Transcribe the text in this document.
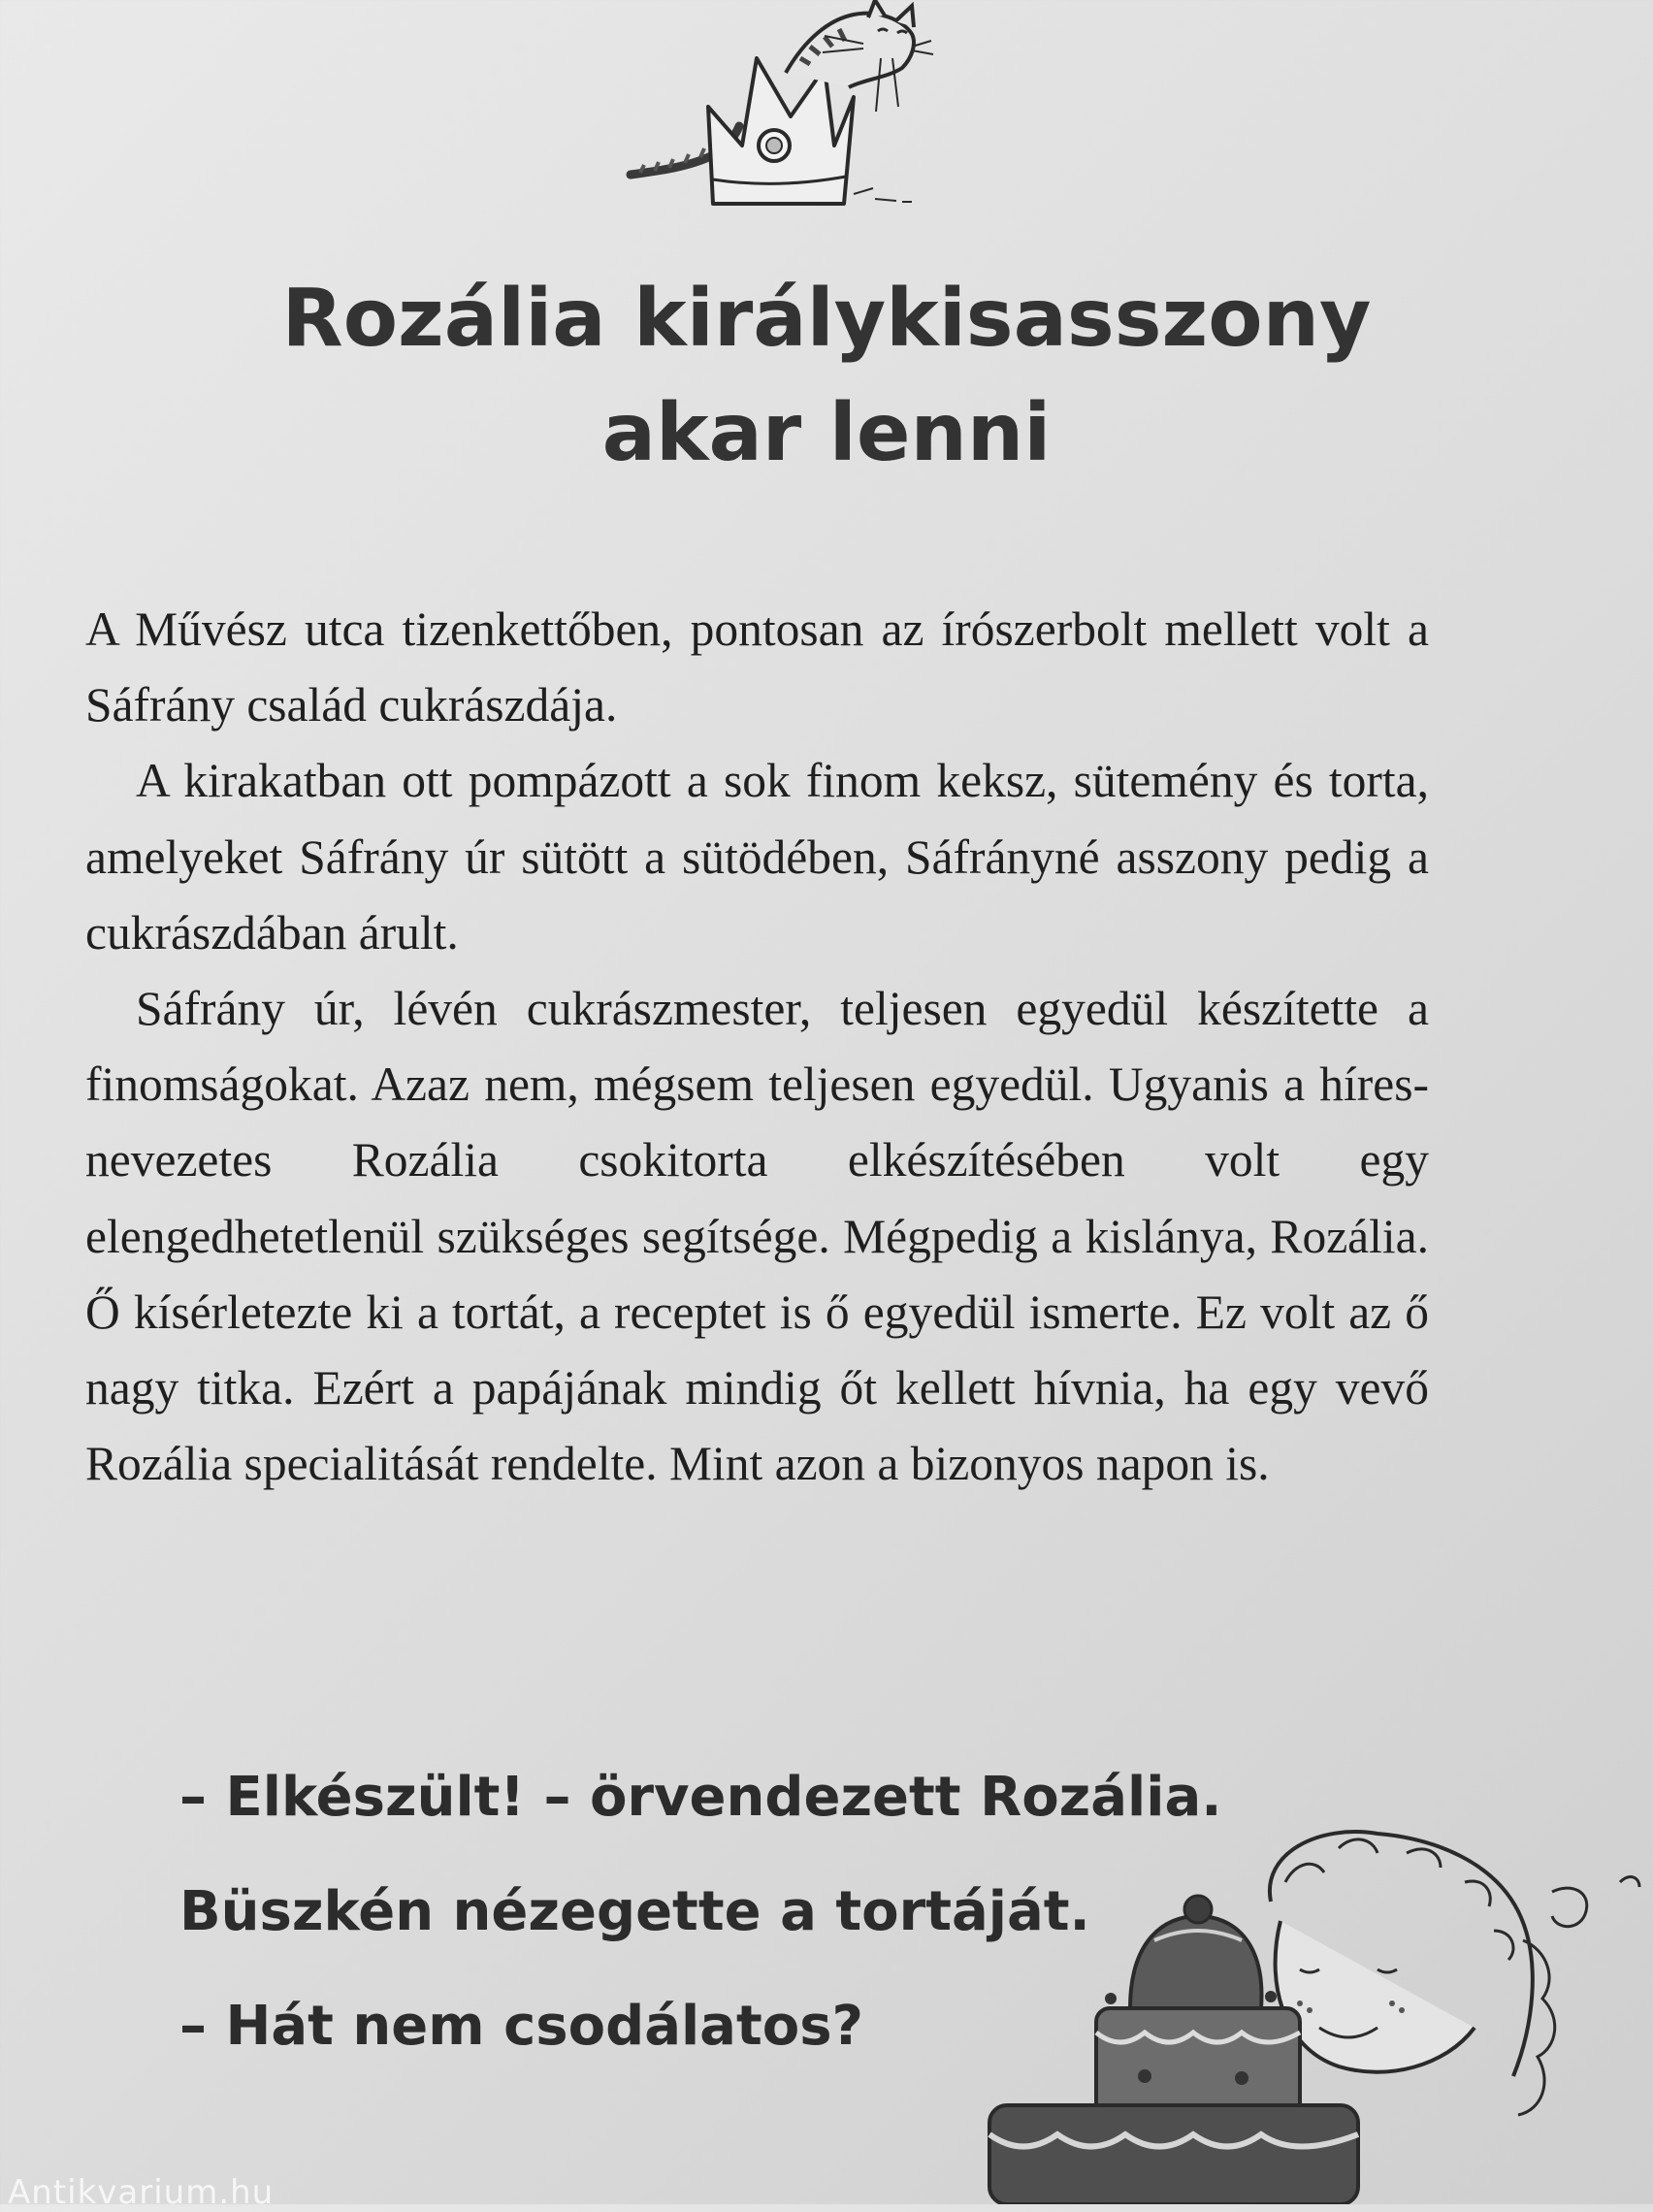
Rozália királykisasszony
akar lenni

A Művész utca tizenkettőben, pontosan az írószerbolt mellett volt a Sáfrány család cukrászdája.

A kirakatban ott pompázott a sok finom keksz, sütemény és torta, amelyeket Sáfrány úr sütött a sütödében, Sáfrányné asszony pedig a cukrászdában árult.

Sáfrány úr, lévén cukrászmester, teljesen egyedül készítette a finomságokat. Azaz nem, mégsem teljesen egyedül. Ugyanis a híres-nevezetes Rozália csokitorta elkészítésében volt egy elengedhetetlenül szükséges segítsége. Mégpedig a kislánya, Rozália. Ő kísérletezte ki a tortát, a receptet is ő egyedül ismerte. Ez volt az ő nagy titka. Ezért a papájának mindig őt kellett hívnia, ha egy vevő Rozália specialitását rendelte. Mint azon a bizonyos napon is.

– Elkészült! – örvendezett Rozália.
Büszkén nézegette a tortáját.
– Hát nem csodálatos?
Antikvarium.hu
